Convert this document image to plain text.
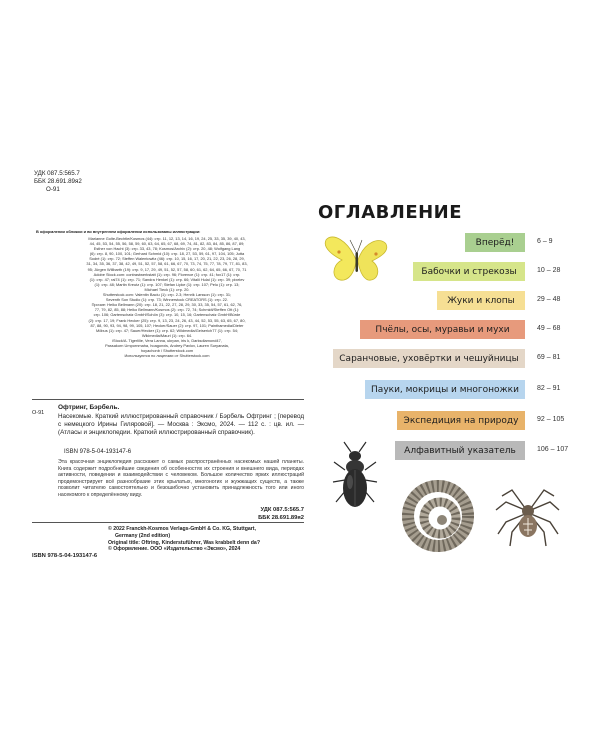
УДК 087.5:565.7
ББК 28.691.89я2
О-91
В оформлении обложки и во внутреннем оформлении использованы иллюстрации:
Marianne Golte-Bechtle/Kosmos (44): стр. 11, 12, 13, 14, 16, 19, 24, 25, 33, 35, 39, 40, 43,
44, 45, 53, 54, 55, 56, 58, 59, 60, 63, 64, 65, 67, 68, 69, 74, 81, 82, 83, 84, 85, 86, 87, 89;
Esther von Hacht (3): стр. 33, 43, 78; Kosmos/Archiv (2): стр. 20, 48; Wolfgang Lang
(6): стр. 8, 90, 100, 101; Gerhard Schmid (10): стр. 18, 27, 53, 59, 61, 97, 104, 105; Jutta
Sodrè (1): стр. 72; Steffen Walentowitz (46): стр. 10, 15, 16, 17, 20, 21, 22, 23, 26, 28, 29,
31, 34, 35, 36, 37, 38, 42, 49, 51, 52, 57, 58, 61, 66, 67, 70, 73, 74, 75, 77, 78, 79, 77, 81, 83,
95; Jürgen Willbarth (19): стр. 9, 17, 29, 49, 51, 52, 57, 58, 60, 61, 62, 64, 65, 66, 67, 70, 71
Adobe Stock.com: contrastwerkstatt (1): стр. 96; Florence (1): стр. 41; fox17 (1): стр.
(1): стр. 47; rai74 (1): стр. 71; Sandra Henkel (1): стр. 66; Vitalii Hulai (1): стр. 39; pixelev
(1): стр. 48; Martin Kreutz (1): стр. 107; Stefan Lipke (1): стр. 107; Pelu (1): стр. 13;
Michael Tieck (1): стр. 20.
Shutterstock.com: Valentin Baciu (1): стр. 2-3; Henrik Larsson (1): стр. 31;
Seventh Son Studio (1): стр. 73; Winnerstock CREATORS (1): стр. 22.
Прочие: Heiko Bellmann (20): стр. 18, 21, 22, 27, 28, 29, 30, 33, 35, 54, 57, 61, 62, 76,
77, 79, 82, 85, 88; Heiko Bellmann/Kosmos (2): стр. 72, 74; Schmidt/Steffen Ott (1):
стр. 106; Gartenschatz GmbH/Schön (3): стр. 10, 15, 16; Gartenschatz GmbH/Bürde
(2): стр. 17, 19; Frank Hecker (25): стр. 9, 13, 23, 24, 26, 43, 44, 52, 53, 55, 63, 65, 67, 80,
87, 88, 90, 93, 94, 98, 99, 105, 107; Hecker/Sauer (2): стр. 97, 101; Painthamedia/Dieter
Möbus (1): стр. 47; Sauer/Hecker (1): стр. 62; Wildmedia/Geiserich77 (1): стр. 54;
Wikimedia/Mauri (1): стр. 64.
iStock/A. Tigerlilie, Vera Lanna, ukrpan, iris k, Darksdiamond47,
Passakorn Umpornmaha, hoagonxis, Andrey Pavlov, Lauren Suryanata,
hoyachonb / Shutterstock.com
Используются по лицензии от Shutterstock.com
О-91
Офтринг, Бэрбель.
Насекомые. Краткий иллюстрированный справочник / Бэрбель Офтринг ; [перевод с немецкого Ирины Гиляровой]. — Москва : Эксмо, 2024. — 112 с. : цв. ил. — (Атласы и энциклопедии. Краткий иллюстрированный справочник).
ISBN 978-5-04-193147-6
Эта красочная энциклопедия расскажет о самых распространённых насекомых нашей планеты. Книга содержит подробнейшие сведения об особенностях их строения и внешнего вида, периодах активности, поведении и взаимодействии с человеком. Большое количество ярких иллюстраций продемонстрирует всё разнообразие этих крылатых, многоногих и жужжащих существ, а также позволит читателю самостоятельно и безошибочно установить принадлежность того или иного насекомого к определённому виду.
УДК 087.5:565.7
ББК 28.691.89я2
© 2022 Franckh-Kosmos Verlags-GmbH & Co. KG, Stuttgart,
Germany (2nd edition)
Original title: Oftring, Kinderstuführer, Was krabbelt denn da?
© Оформление. ООО «Издательство «Эксмо», 2024
ISBN 978-5-04-193147-6
ОГЛАВЛЕНИЕ
Вперёд!	6 – 9
Бабочки и стрекозы	10 – 28
Жуки и клопы	29 – 48
Пчёлы, осы, муравьи и мухи	49 – 68
Саранчовые, уховёртки и чешуйницы	69 – 81
Пауки, мокрицы и многоножки	82 – 91
Экспедиция на природу	92 – 105
Алфавитный указатель	106 – 107
